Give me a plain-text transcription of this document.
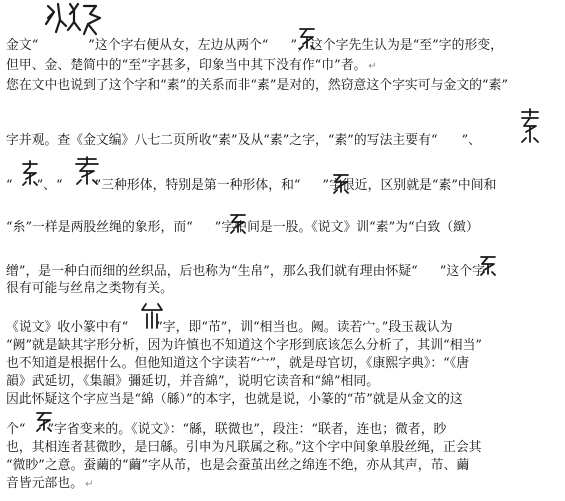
金文“	”这个字右便从女，左边从两个“ ”，这个字先生认为是“至”字的形变，
但甲、金、楚简中的“至”字甚多，印象当中其下没有作“巾”者。 ↵
您在文中也说到了这个字和“素”的关系而非“素”是对的，然窃意这个字实可与金文的“素”
字并观。查《金文编》八七二页所收“素”及从“素”之字，“素”的写法主要有“ ”、
“ ”、“	”三种形体，特别是第一种形体，和“ ”字很近，区别就是“素”中间和
“糸”一样是两股丝绳的象形，而“ ”字中间是一股。《说文》训“素”为“白致（緻）
缯”，是一种白而细的丝织品，后也称为“生帛”，那么我们就有理由怀疑“ ”这个字
很有可能与丝帛之类物有关。
《说文》收小篆中有“ ”字，即“芇”，训“相当也。阙。读若宀。”段玉裁认为
“阙”就是缺其字形分析，因为许慎也不知道这个字形到底该怎么分析了，其训“相当”
也不知道是根据什么。但他知道这个字读若“宀”，就是母官切，《康熙字典》：“《唐
韻》武延切，《集韻》彌延切，并音綿”，说明它读音和“綿”相同。
因此怀疑这个字应当是“綿（緜）”的本字，也就是说，小篆的“芇”就是从金文的这
个“ ”字省变来的。《说文》：“緜，联微也”，段注：“联者，连也；微者，眇
也，其相连者甚微眇，是曰緜。引申为凡联属之称。”这个字中间象单股丝绳，正会其
“微眇”之意。蚕繭的“繭”字从芇，也是会蚕茧出丝之绵连不绝，亦从其声，芇、繭
音皆元部也。 ↵
